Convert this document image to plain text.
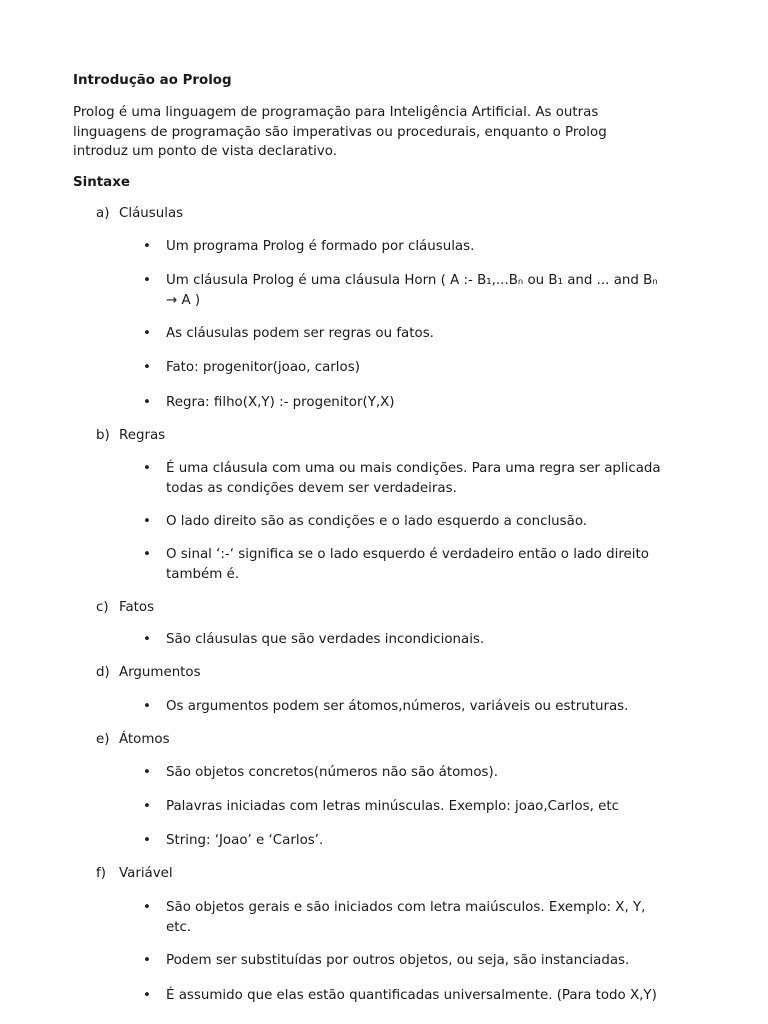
Introdução ao Prolog
Prolog é uma linguagem de programação para Inteligência Artificial. As outras
linguagens de programação são imperativas ou procedurais, enquanto o Prolog
introduz um ponto de vista declarativo.
Sintaxe
a) Cláusulas
• Um programa Prolog é formado por cláusulas.
• Um cláusula Prolog é uma cláusula Horn ( A :- B₁,...Bₙ ou B₁ and ... and Bₙ
→ A )
• As cláusulas podem ser regras ou fatos.
• Fato: progenitor(joao, carlos)
• Regra: filho(X,Y) :- progenitor(Y,X)
b) Regras
• É uma cláusula com uma ou mais condições. Para uma regra ser aplicada
todas as condições devem ser verdadeiras.
• O lado direito são as condições e o lado esquerdo a conclusão.
• O sinal ‘:-‘ significa se o lado esquerdo é verdadeiro então o lado direito
também é.
c) Fatos
• São cláusulas que são verdades incondicionais.
d) Argumentos
• Os argumentos podem ser átomos,números, variáveis ou estruturas.
e) Átomos
• São objetos concretos(números não são átomos).
• Palavras iniciadas com letras minúsculas. Exemplo: joao,Carlos, etc
• String: ‘Joao’ e ‘Carlos’.
f) Variável
• São objetos gerais e são iniciados com letra maiúsculos. Exemplo: X, Y,
etc.
• Podem ser substituídas por outros objetos, ou seja, são instanciadas.
• É assumido que elas estão quantificadas universalmente. (Para todo X,Y)
